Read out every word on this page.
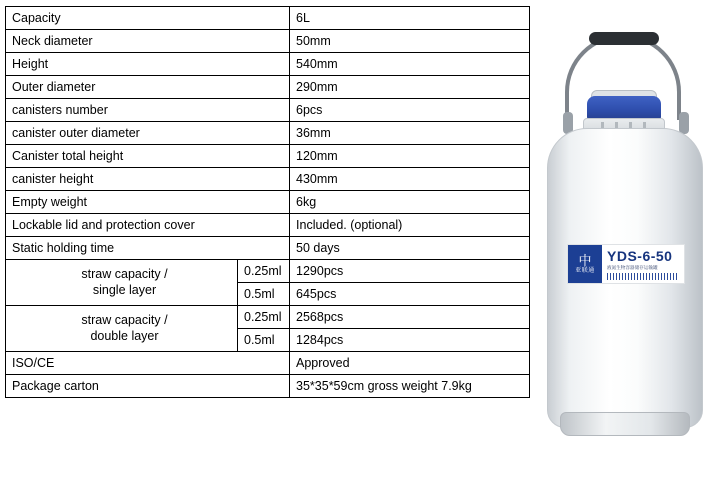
Capacity		6L
Neck diameter		50mm
Height		540mm
Outer diameter		290mm
canisters number		6pcs
canister outer diameter		36mm
Canister total height		120mm
canister height		430mm
Empty weight		6kg
Lockable lid and protection cover		Included. (optional)
Static holding time		50 days

straw capacity /
single layer	0.25ml	1290pcs
	0.5ml	645pcs

straw capacity /
double layer	0.25ml	2568pcs
	0.5ml	1284pcs
ISO/CE		Approved
Package carton		35*35*59cm gross weight 7.9kg
中
亚联通
YDS-6-50
液氮生物容器储存运输罐
